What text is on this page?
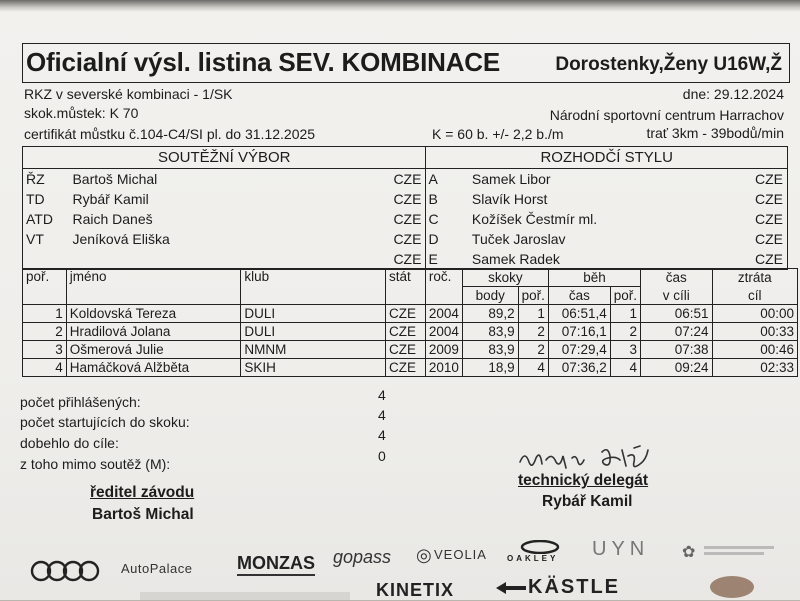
Oficialní výsl. listina SEV. KOMBINACE	Dorostenky,Ženy U16W,Ž
RKZ v severské kombinaci - 1/SK	dne: 29.12.2024
skok.můstek: K 70	Národní sportovní centrum Harrachov
certifikát můstku č.104-C4/SI pl. do 31.12.2025	K = 60 b. +/- 2,2 b./m	trať 3km - 39bodů/min
SOUTĚŽNÍ VÝBOR			ROZHODČÍ STYLU		
ŘZ	Bartoš Michal	CZE	A	Samek Libor	CZE
TD	Rybář Kamil	CZE	B	Slavík Horst	CZE
ATD	Raich Daneš	CZE	C	Kožíšek Čestmír ml.	CZE
VT	Jeníková Eliška	CZE	D	Tuček Jaroslav	CZE
		CZE	E	Samek Radek	CZE
poř.	jméno	klub	stát	roč.	skoky		běh		čas	ztráta
					body	poř.	čas	poř.	v cíli	cíl
1	Koldovská Tereza	DULI	CZE	2004	89,2	1	06:51,4	1	06:51	00:00
2	Hradilová Jolana	DULI	CZE	2004	83,9	2	07:16,1	2	07:24	00:33
3	Ošmerová Julie	NMNM	CZE	2009	83,9	2	07:29,4	3	07:38	00:46
4	Hamáčková Alžběta	SKIH	CZE	2010	18,9	4	07:36,2	4	09:24	02:33
počet přihlášených:	4
počet startujících do skoku:	4
dobehlo do cíle:	4
z toho mimo soutěž (M):	0
ředitel závodu
Bartoš Michal
technický delegát
Rybář Kamil
AutoPalace MONZAS gopass ◎ VEOLIA	OAKLEY UYN ✿
KINETIX	KÄSTLE
